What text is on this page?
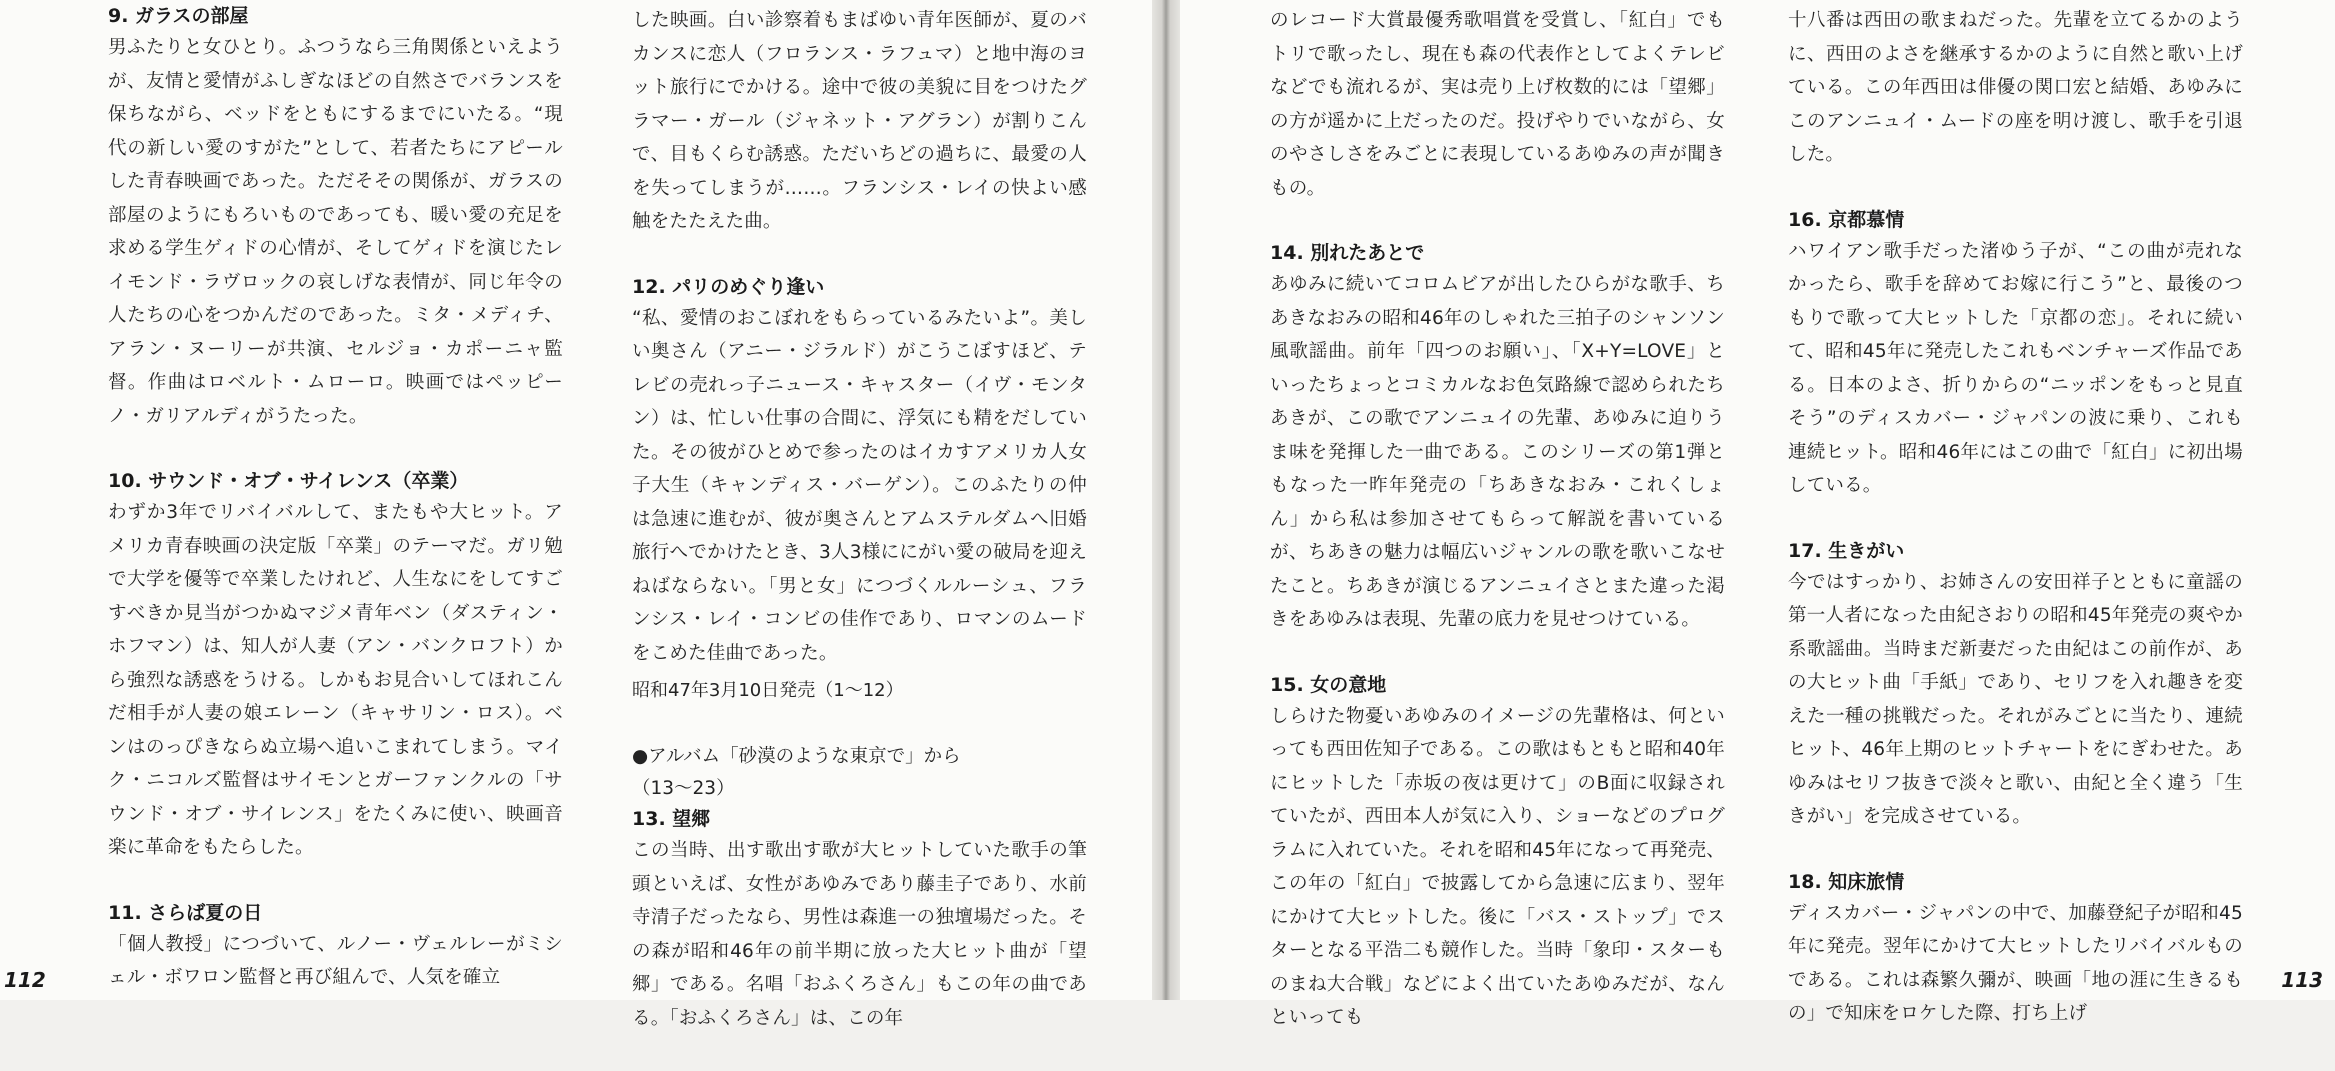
9. ガラスの部屋

男ふたりと女ひとり。ふつうなら三角関係といえようが、友情と愛情がふしぎなほどの自然さでバランスを保ちながら、ベッドをともにするまでにいたる。“現代の新しい愛のすがた”として、若者たちにアピールした青春映画であった。ただそその関係が、ガラスの部屋のようにもろいものであっても、暖い愛の充足を求める学生ゲィドの心情が、そしてゲィドを演じたレイモンド・ラヴロックの哀しげな表情が、同じ年令の人たちの心をつかんだのであった。ミタ・メディチ、アラン・ヌーリーが共演、セルジョ・カポーニャ監督。作曲はロベルト・ムローロ。映画ではペッピーノ・ガリアルディがうたった。

10. サウンド・オブ・サイレンス（卒業）

わずか3年でリバイバルして、またもや大ヒット。アメリカ青春映画の決定版「卒業」のテーマだ。ガリ勉で大学を優等で卒業したけれど、人生なにをしてすごすべきか見当がつかぬマジメ青年ベン（ダスティン・ホフマン）は、知人が人妻（アン・バンクロフト）から強烈な誘惑をうける。しかもお見合いしてほれこんだ相手が人妻の娘エレーン（キャサリン・ロス）。ベンはのっぴきならぬ立場へ追いこまれてしまう。マイク・ニコルズ監督はサイモンとガーファンクルの「サウンド・オブ・サイレンス」をたくみに使い、映画音楽に革命をもたらした。

11. さらば夏の日

「個人教授」につづいて、ルノー・ヴェルレーがミシェル・ボワロン監督と再び組んで、人気を確立

した映画。白い診察着もまばゆい青年医師が、夏のバカンスに恋人（フロランス・ラフュマ）と地中海のヨット旅行にでかける。途中で彼の美貌に目をつけたグラマー・ガール（ジャネット・アグラン）が割りこんで、目もくらむ誘惑。ただいちどの過ちに、最愛の人を失ってしまうが……。フランシス・レイの快よい感触をたたえた曲。

12. パリのめぐり逢い

“私、愛情のおこぼれをもらっているみたいよ”。美しい奥さん（アニー・ジラルド）がこうこぼすほど、テレビの売れっ子ニュース・キャスター（イヴ・モンタン）は、忙しい仕事の合間に、浮気にも精をだしていた。その彼がひとめで参ったのはイカすアメリカ人女子大生（キャンディス・バーゲン）。このふたりの仲は急速に進むが、彼が奥さんとアムステルダムへ旧婚旅行へでかけたとき、3人3様ににがい愛の破局を迎えねばならない。「男と女」につづくルルーシュ、フランシス・レイ・コンビの佳作であり、ロマンのムードをこめた佳曲であった。

昭和47年3月10日発売（1〜12）

●アルバム「砂漠のような東京で」から

（13〜23）

13. 望郷

この当時、出す歌出す歌が大ヒットしていた歌手の筆頭といえば、女性があゆみであり藤圭子であり、水前寺清子だったなら、男性は森進一の独壇場だった。その森が昭和46年の前半期に放った大ヒット曲が「望郷」である。名唱「おふくろさん」もこの年の曲である。「おふくろさん」は、この年

112

のレコード大賞最優秀歌唱賞を受賞し、「紅白」でもトリで歌ったし、現在も森の代表作としてよくテレビなどでも流れるが、実は売り上げ枚数的には「望郷」の方が遥かに上だったのだ。投げやりでいながら、女のやさしさをみごとに表現しているあゆみの声が聞きもの。

14. 別れたあとで

あゆみに続いてコロムビアが出したひらがな歌手、ちあきなおみの昭和46年のしゃれた三拍子のシャンソン風歌謡曲。前年「四つのお願い」、「X+Y=LOVE」といったちょっとコミカルなお色気路線で認められたちあきが、この歌でアンニュイの先輩、あゆみに迫りうま味を発揮した一曲である。このシリーズの第1弾ともなった一昨年発売の「ちあきなおみ・これくしょん」から私は参加させてもらって解説を書いているが、ちあきの魅力は幅広いジャンルの歌を歌いこなせたこと。ちあきが演じるアンニュイさとまた違った渇きをあゆみは表現、先輩の底力を見せつけている。

15. 女の意地

しらけた物憂いあゆみのイメージの先輩格は、何といっても西田佐知子である。この歌はもともと昭和40年にヒットした「赤坂の夜は更けて」のB面に収録されていたが、西田本人が気に入り、ショーなどのプログラムに入れていた。それを昭和45年になって再発売、この年の「紅白」で披露してから急速に広まり、翌年にかけて大ヒットした。後に「バス・ストップ」でスターとなる平浩二も競作した。当時「象印・スターものまね大合戦」などによく出ていたあゆみだが、なんといっても

十八番は西田の歌まねだった。先輩を立てるかのように、西田のよさを継承するかのように自然と歌い上げている。この年西田は俳優の関口宏と結婚、あゆみにこのアンニュイ・ムードの座を明け渡し、歌手を引退した。

16. 京都慕情

ハワイアン歌手だった渚ゆう子が、“この曲が売れなかったら、歌手を辞めてお嫁に行こう”と、最後のつもりで歌って大ヒットした「京都の恋」。それに続いて、昭和45年に発売したこれもベンチャーズ作品である。日本のよさ、折りからの“ニッポンをもっと見直そう”のディスカバー・ジャパンの波に乗り、これも連続ヒット。昭和46年にはこの曲で「紅白」に初出場している。

17. 生きがい

今ではすっかり、お姉さんの安田祥子とともに童謡の第一人者になった由紀さおりの昭和45年発売の爽やか系歌謡曲。当時まだ新妻だった由紀はこの前作が、あの大ヒット曲「手紙」であり、セリフを入れ趣きを変えた一種の挑戦だった。それがみごとに当たり、連続ヒット、46年上期のヒットチャートをにぎわせた。あゆみはセリフ抜きで淡々と歌い、由紀と全く違う「生きがい」を完成させている。

18. 知床旅情

ディスカバー・ジャパンの中で、加藤登紀子が昭和45年に発売。翌年にかけて大ヒットしたリバイバルものである。これは森繁久彌が、映画「地の涯に生きるもの」で知床をロケした際、打ち上げ

113
